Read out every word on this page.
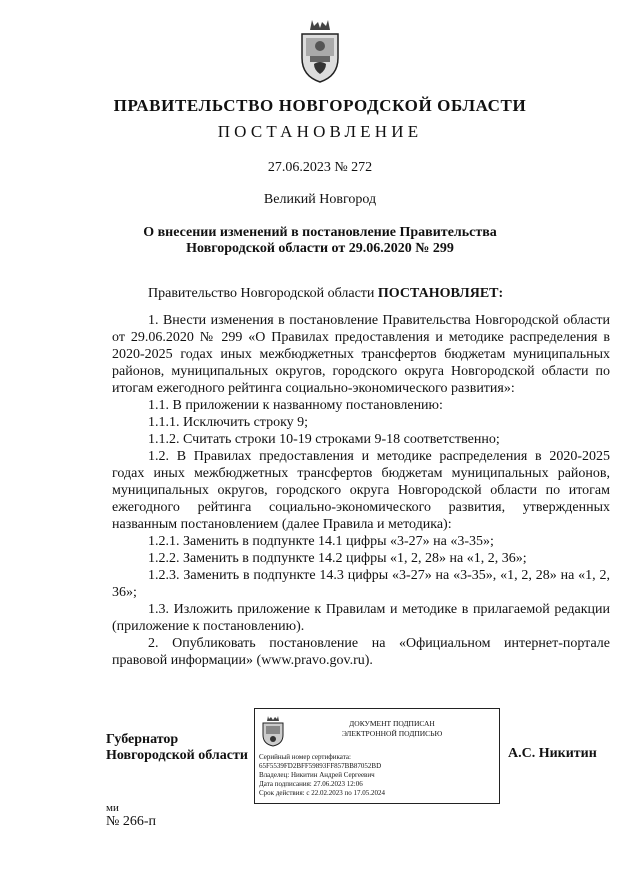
ПРАВИТЕЛЬСТВО НОВГОРОДСКОЙ ОБЛАСТИ
ПОСТАНОВЛЕНИЕ
27.06.2023 № 272
Великий Новгород
О внесении изменений в постановление Правительства
Новгородской области от 29.06.2020 № 299

Правительство Новгородской области ПОСТАНОВЛЯЕТ:

1. Внести изменения в постановление Правительства Новгородской области от 29.06.2020 № 299 «О Правилах предоставления и методике распределения в 2020-2025 годах иных межбюджетных трансфертов бюджетам муниципальных районов, муниципальных округов, городского округа Новгородской области по итогам ежегодного рейтинга социально-экономического развития»:

1.1. В приложении к названному постановлению:

1.1.1. Исключить строку 9;

1.1.2. Считать строки 10-19 строками 9-18 соответственно;

1.2. В Правилах предоставления и методике распределения в 2020-2025 годах иных межбюджетных трансфертов бюджетам муниципальных районов, муниципальных округов, городского округа Новгородской области по итогам ежегодного рейтинга социально-экономического развития, утвержденных названным постановлением (далее Правила и методика):

1.2.1. Заменить в подпункте 14.1 цифры «3-27» на «3-35»;

1.2.2. Заменить в подпункте 14.2 цифры «1, 2, 28» на «1, 2, 36»;

1.2.3. Заменить в подпункте 14.3 цифры «3-27» на «3-35», «1, 2, 28» на «1, 2, 36»;

1.3. Изложить приложение к Правилам и методике в прилагаемой редакции (приложение к постановлению).

2. Опубликовать постановление на «Официальном интернет-портале правовой информации» (www.pravo.gov.ru).

Губернатор
Новгородской области
ДОКУМЕНТ ПОДПИСАН
ЭЛЕКТРОННОЙ ПОДПИСЬЮ
Серийный номер сертификата:
65F5539FD2BFF59893FF857BB87052BD
Владелец: Никитин Андрей Сергеевич
Дата подписания: 27.06.2023 12:06
Срок действия: с 22.02.2023 по 17.05.2024
А.С. Никитин
ми
№ 266-п
